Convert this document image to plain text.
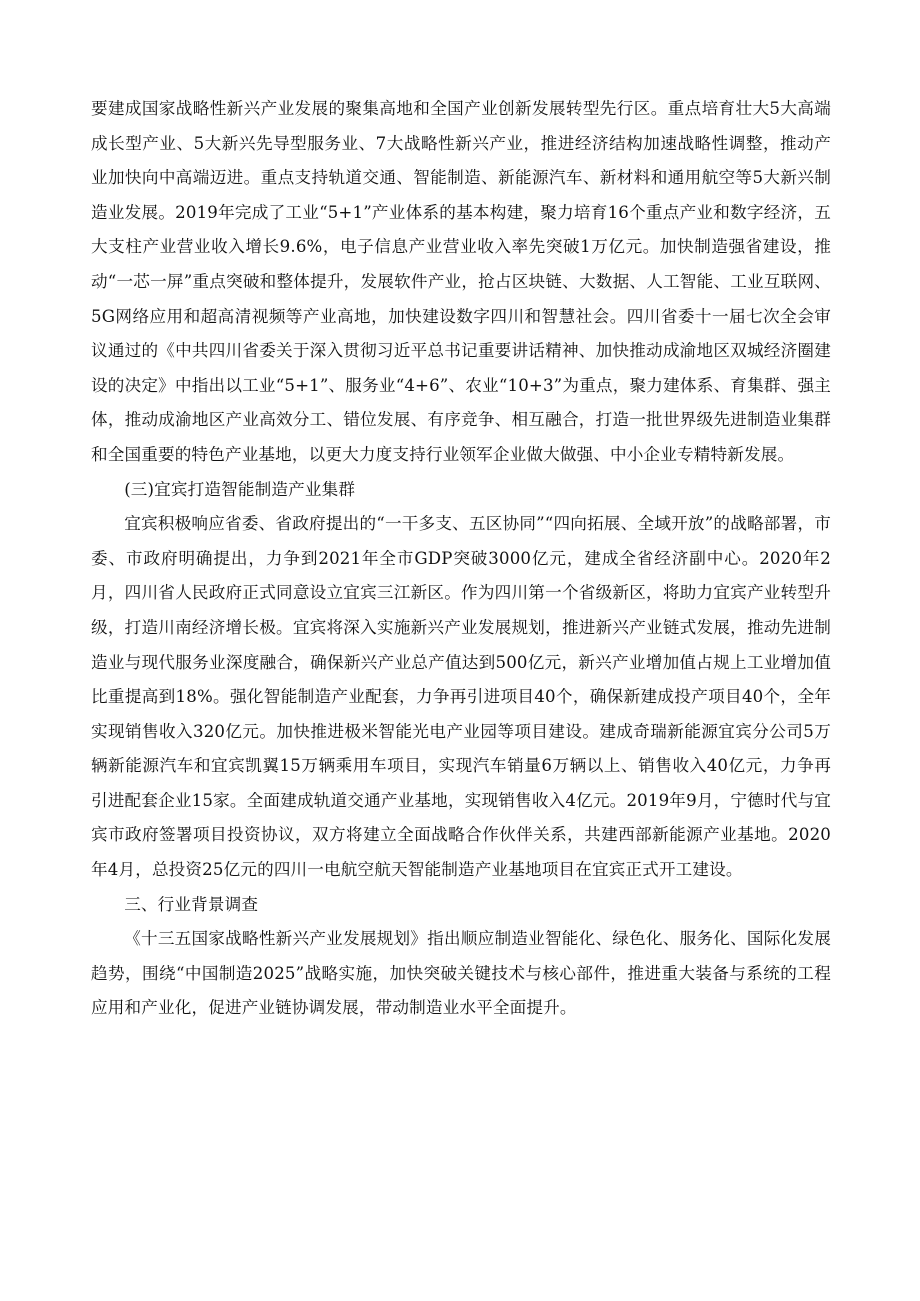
要建成国家战略性新兴产业发展的聚集高地和全国产业创新发展转型先行区。重点培育壮大5大高端成长型产业、5大新兴先导型服务业、7大战略性新兴产业，推进经济结构加速战略性调整，推动产业加快向中高端迈进。重点支持轨道交通、智能制造、新能源汽车、新材料和通用航空等5大新兴制造业发展。2019年完成了工业“5+1”产业体系的基本构建，聚力培育16个重点产业和数字经济，五大支柱产业营业收入增长9.6%，电子信息产业营业收入率先突破1万亿元。加快制造强省建设，推动“一芯一屏”重点突破和整体提升，发展软件产业，抢占区块链、大数据、人工智能、工业互联网、5G网络应用和超高清视频等产业高地，加快建设数字四川和智慧社会。四川省委十一届七次全会审议通过的《中共四川省委关于深入贯彻习近平总书记重要讲话精神、加快推动成渝地区双城经济圈建设的决定》中指出以工业“5+1”、服务业“4+6”、农业“10+3”为重点，聚力建体系、育集群、强主体，推动成渝地区产业高效分工、错位发展、有序竞争、相互融合，打造一批世界级先进制造业集群和全国重要的特色产业基地，以更大力度支持行业领军企业做大做强、中小企业专精特新发展。

(三)宜宾打造智能制造产业集群

宜宾积极响应省委、省政府提出的“一干多支、五区协同”“四向拓展、全域开放”的战略部署，市委、市政府明确提出，力争到2021年全市GDP突破3000亿元，建成全省经济副中心。2020年2月，四川省人民政府正式同意设立宜宾三江新区。作为四川第一个省级新区，将助力宜宾产业转型升级，打造川南经济增长极。宜宾将深入实施新兴产业发展规划，推进新兴产业链式发展，推动先进制造业与现代服务业深度融合，确保新兴产业总产值达到500亿元，新兴产业增加值占规上工业增加值比重提高到18%。强化智能制造产业配套，力争再引进项目40个，确保新建成投产项目40个，全年实现销售收入320亿元。加快推进极米智能光电产业园等项目建设。建成奇瑞新能源宜宾分公司5万辆新能源汽车和宜宾凯翼15万辆乘用车项目，实现汽车销量6万辆以上、销售收入40亿元，力争再引进配套企业15家。全面建成轨道交通产业基地，实现销售收入4亿元。2019年9月，宁德时代与宜宾市政府签署项目投资协议，双方将建立全面战略合作伙伴关系，共建西部新能源产业基地。2020年4月，总投资25亿元的四川一电航空航天智能制造产业基地项目在宜宾正式开工建设。

三、行业背景调查

《十三五国家战略性新兴产业发展规划》指出顺应制造业智能化、绿色化、服务化、国际化发展趋势，围绕“中国制造2025”战略实施，加快突破关键技术与核心部件，推进重大装备与系统的工程应用和产业化，促进产业链协调发展，带动制造业水平全面提升。
